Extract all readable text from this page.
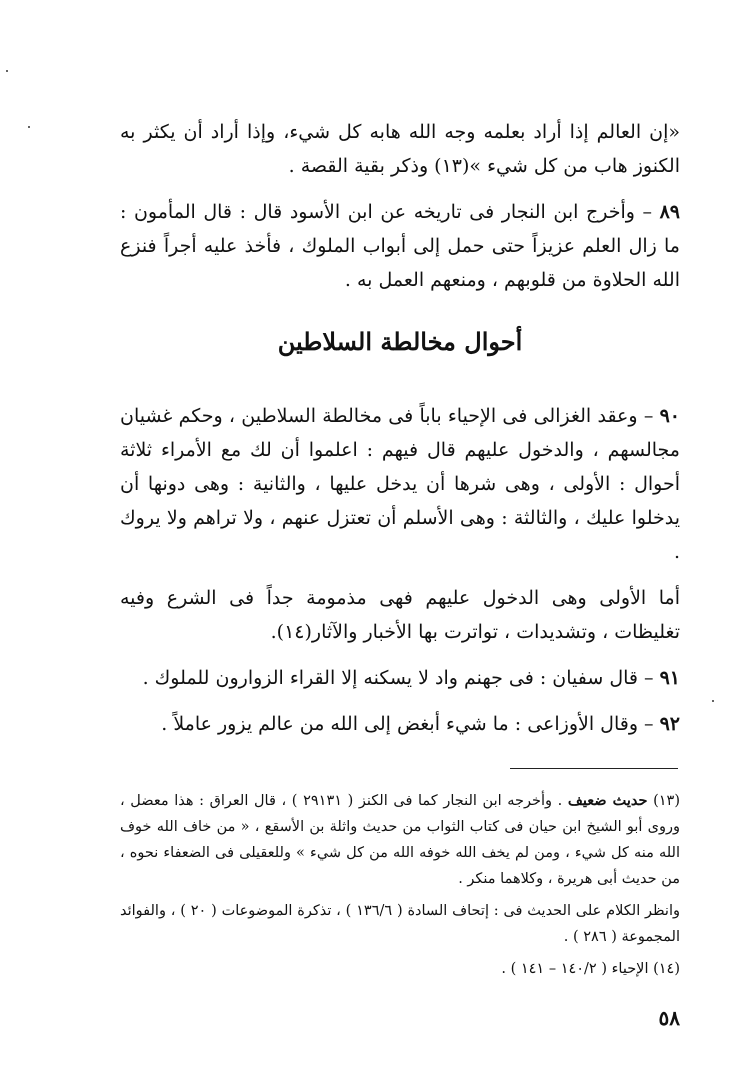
«إن العالم إذا أراد بعلمه وجه الله هابه كل شيء، وإذا أراد أن يكثر به الكنوز هاب من كل شيء »(١٣) وذكر بقية القصة .
٨٩ – وأخرج ابن النجار فى تاريخه عن ابن الأسود قال : قال المأمون : ما زال العلم عزيزاً حتى حمل إلى أبواب الملوك ، فأخذ عليه أجراً فنزع الله الحلاوة من قلوبهم ، ومنعهم العمل به .
أحوال مخالطة السلاطين
٩٠ – وعقد الغزالى فى الإحياء باباً فى مخالطة السلاطين ، وحكم غشيان مجالسهم ، والدخول عليهم قال فيهم : اعلموا أن لك مع الأمراء ثلاثة أحوال : الأولى ، وهى شرها أن يدخل عليها ، والثانية : وهى دونها أن يدخلوا عليك ، والثالثة : وهى الأسلم أن تعتزل عنهم ، ولا تراهم ولا يروك .
أما الأولى وهى الدخول عليهم فهى مذمومة جداً فى الشرع وفيه تغليظات ، وتشديدات ، تواترت بها الأخبار والآثار(١٤).
٩١ – قال سفيان : فى جهنم واد لا يسكنه إلا القراء الزوارون للملوك .
٩٢ – وقال الأوزاعى : ما شيء أبغض إلى الله من عالم يزور عاملاً .

(١٣) حديث ضعيف . وأخرجه ابن النجار كما فى الكنز ( ٢٩١٣١ ) ، قال العراق : هذا معضل ، وروى أبو الشيخ ابن حيان فى كتاب الثواب من حديث واثلة بن الأسقع ، « من خاف الله خوف الله منه كل شيء ، ومن لم يخف الله خوفه الله من كل شيء » وللعقيلى فى الضعفاء نحوه ، من حديث أبى هريرة ، وكلاهما منكر .

وانظر الكلام على الحديث فى : إتحاف السادة ( ١٣٦/٦ ) ، تذكرة الموضوعات ( ٢٠ ) ، والفوائد المجموعة ( ٢٨٦ ) .

(١٤) الإحياء ( ١٤٠/٢ – ١٤١ ) .

٥٨
